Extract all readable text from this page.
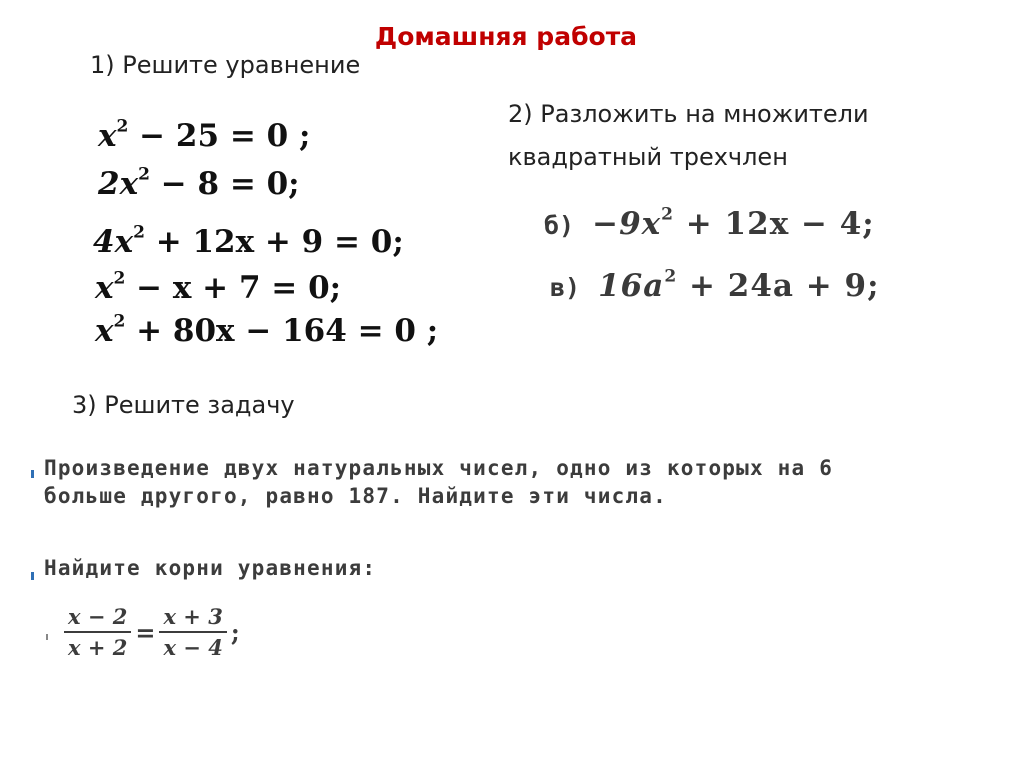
Домашняя работа
1) Решите уравнение
$x^2 - 25 = 0$ ;
$2x^2 - 8 = 0$;
$4x^2 + 12x + 9 = 0$;
$x^2 - x + 7 = 0$;
$x^2 + 80x - 164 = 0$ ;
2) Разложить на множители
квадратный трехчлен
$б) -9x^2 + 12x - 4$;
в) $16a^2 + 24a + 9$;
3) Решите задачу
Произведение двух натуральных чисел, одно из которых на 6
больше другого, равно 187. Найдите эти числа.
Найдите корни уравнения:
$\frac{x - 2}{x + 2} = \frac{x + 3}{x - 4}$ ;
